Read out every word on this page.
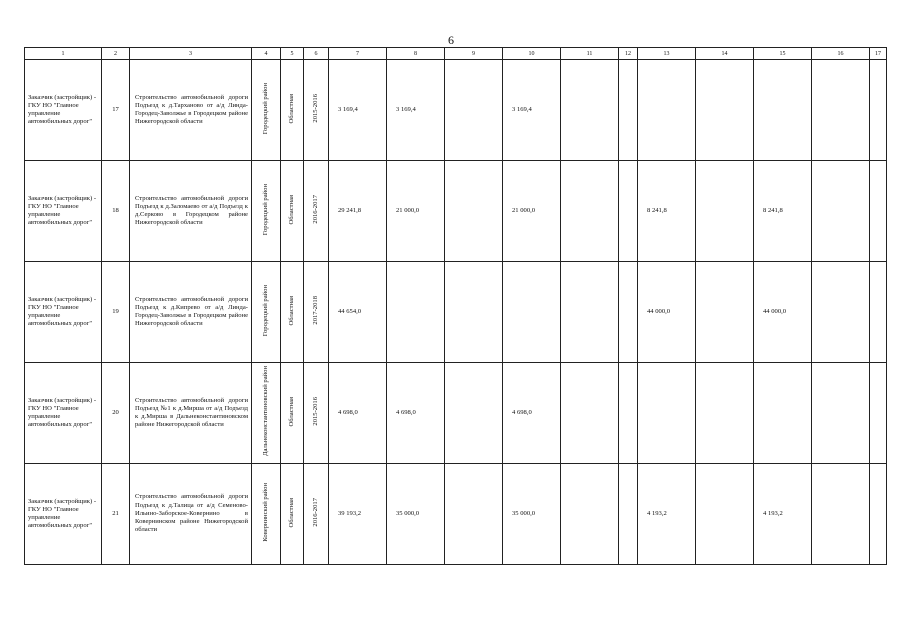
6
1	2	3	4	5	6	7	8	9	10	11	12	13	14	15	16	17
Заказчик (застройщик) - ГКУ НО "Главное управление автомобильных дорог"	17	Строительство автомобильной дороги Подъезд к д.Тарханово от а/д Линда-Городец-Заволжье в Городецком районе Нижегородской области	Городецкий район	Областная	2015-2016	3 169,4	3 169,4		3 169,4							
Заказчик (застройщик) - ГКУ НО "Главное управление автомобильных дорог"	18	Строительство автомобильной дороги Подъезд к д.Заломаево от а/д Подъезд к д.Серково в Городецком районе Нижегородской области	Городецкий район	Областная	2016-2017	29 241,8	21 000,0		21 000,0			8 241,8		8 241,8		
Заказчик (застройщик) - ГКУ НО "Главное управление автомобильных дорог"	19	Строительство автомобильной дороги Подъезд к д.Кипрево от а/д Линда-Городец-Заволжье в Городецком районе Нижегородской области	Городецкий район	Областная	2017-2018	44 654,0						44 000,0		44 000,0		
Заказчик (застройщик) - ГКУ НО "Главное управление автомобильных дорог"	20	Строительство автомобильной дороги Подъезд №1 к д.Мирша от а/д Подъезд к д.Мирша в Дальнеконстантиновском районе Нижегородской области	Дальнеконстантиновский район	Областная	2015-2016	4 698,0	4 698,0		4 698,0							
Заказчик (застройщик) - ГКУ НО "Главное управление автомобильных дорог"	21	Строительство автомобильной дороги Подъезд к д.Талица от а/д Семеново-Ильино-Заборское-Ковернино в Ковернинском районе Нижегородской области	Ковернинский район	Областная	2016-2017	39 193,2	35 000,0		35 000,0			4 193,2		4 193,2		
